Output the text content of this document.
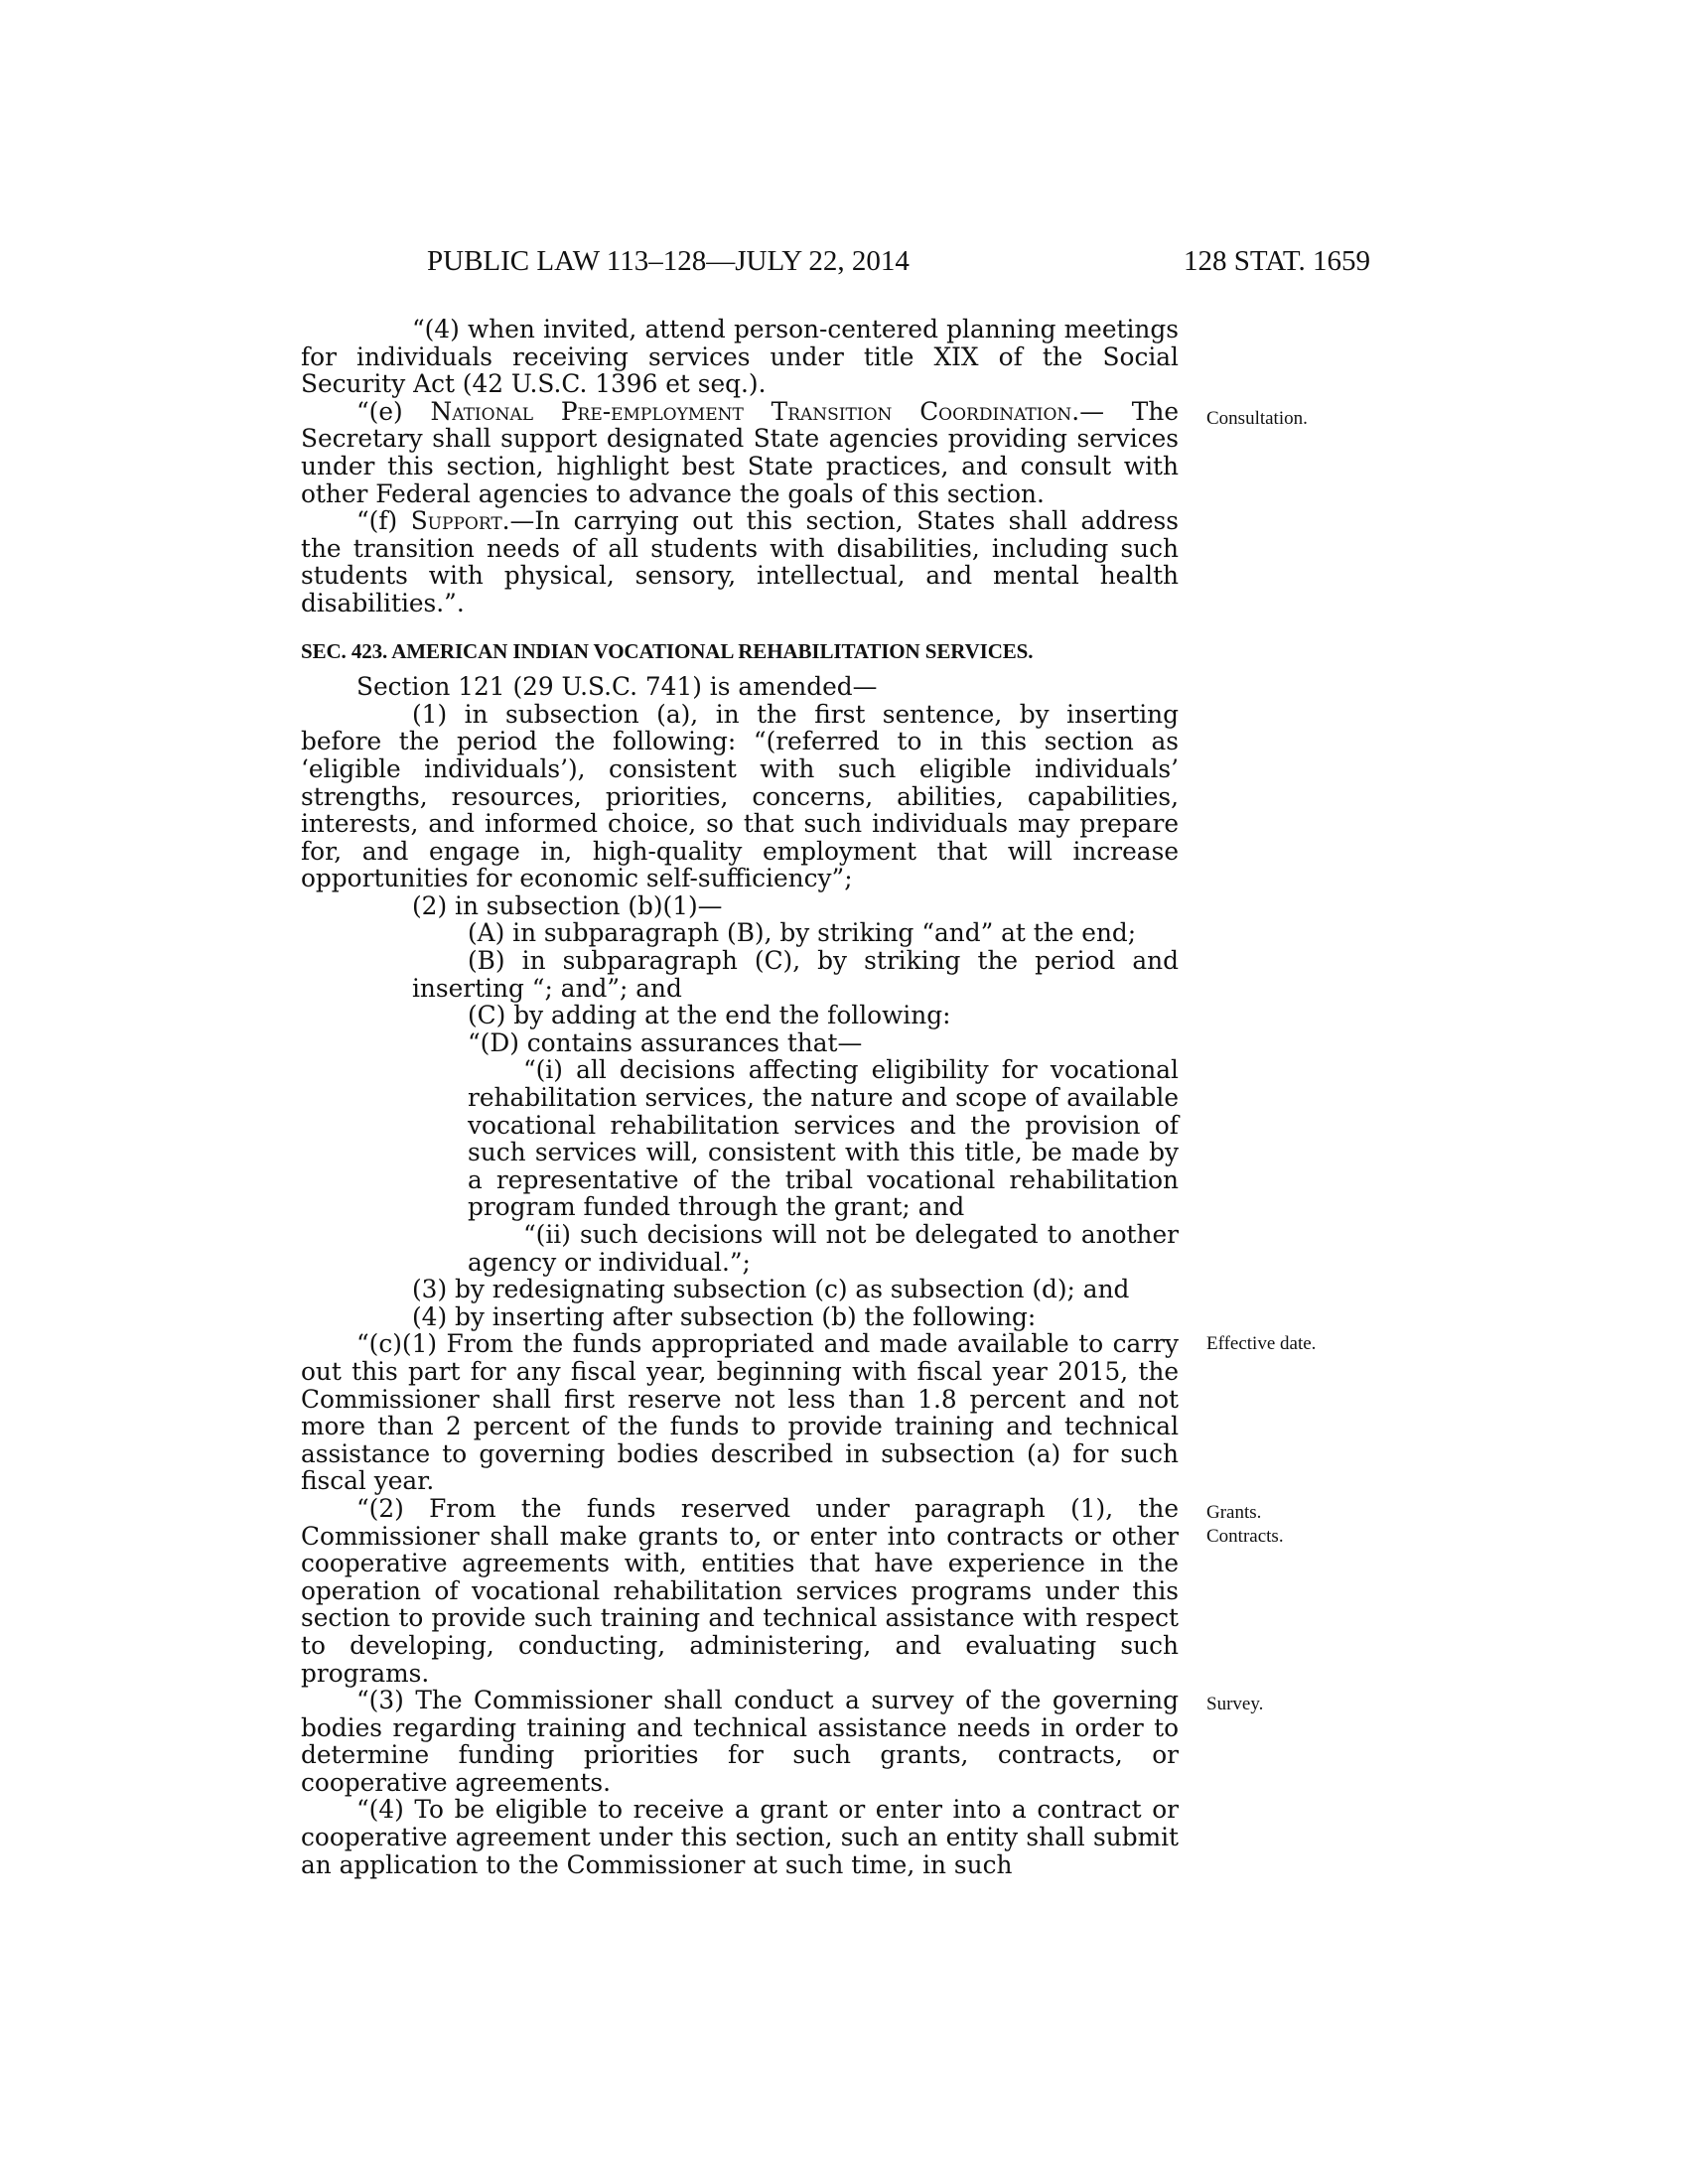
PUBLIC LAW 113–128—JULY 22, 2014	128 STAT. 1659

“(4) when invited, attend person-centered planning meetings for individuals receiving services under title XIX of the Social Security Act (42 U.S.C. 1396 et seq.).

“(e) National Pre-employment Transition Coordination.— The Secretary shall support designated State agencies providing services under this section, highlight best State practices, and consult with other Federal agencies to advance the goals of this section.

“(f) Support.—In carrying out this section, States shall address the transition needs of all students with disabilities, including such students with physical, sensory, intellectual, and mental health disabilities.”.

SEC. 423. AMERICAN INDIAN VOCATIONAL REHABILITATION SERVICES.

Section 121 (29 U.S.C. 741) is amended—

(1) in subsection (a), in the first sentence, by inserting before the period the following: “(referred to in this section as ‘eligible individuals’), consistent with such eligible individuals’ strengths, resources, priorities, concerns, abilities, capabilities, interests, and informed choice, so that such individuals may prepare for, and engage in, high-quality employment that will increase opportunities for economic self-sufficiency”;

(2) in subsection (b)(1)—

(A) in subparagraph (B), by striking “and” at the end;

(B) in subparagraph (C), by striking the period and inserting “; and”; and

(C) by adding at the end the following:

“(D) contains assurances that—

“(i) all decisions affecting eligibility for vocational rehabilitation services, the nature and scope of available vocational rehabilitation services and the provision of such services will, consistent with this title, be made by a representative of the tribal vocational rehabilitation program funded through the grant; and

“(ii) such decisions will not be delegated to another agency or individual.”;

(3) by redesignating subsection (c) as subsection (d); and

(4) by inserting after subsection (b) the following:

“(c)(1) From the funds appropriated and made available to carry out this part for any fiscal year, beginning with fiscal year 2015, the Commissioner shall first reserve not less than 1.8 percent and not more than 2 percent of the funds to provide training and technical assistance to governing bodies described in subsection (a) for such fiscal year.

“(2) From the funds reserved under paragraph (1), the Commissioner shall make grants to, or enter into contracts or other cooperative agreements with, entities that have experience in the operation of vocational rehabilitation services programs under this section to provide such training and technical assistance with respect to developing, conducting, administering, and evaluating such programs.

“(3) The Commissioner shall conduct a survey of the governing bodies regarding training and technical assistance needs in order to determine funding priorities for such grants, contracts, or cooperative agreements.

“(4) To be eligible to receive a grant or enter into a contract or cooperative agreement under this section, such an entity shall submit an application to the Commissioner at such time, in such

Consultation.
Effective date.
Grants.
Contracts.
Survey.
